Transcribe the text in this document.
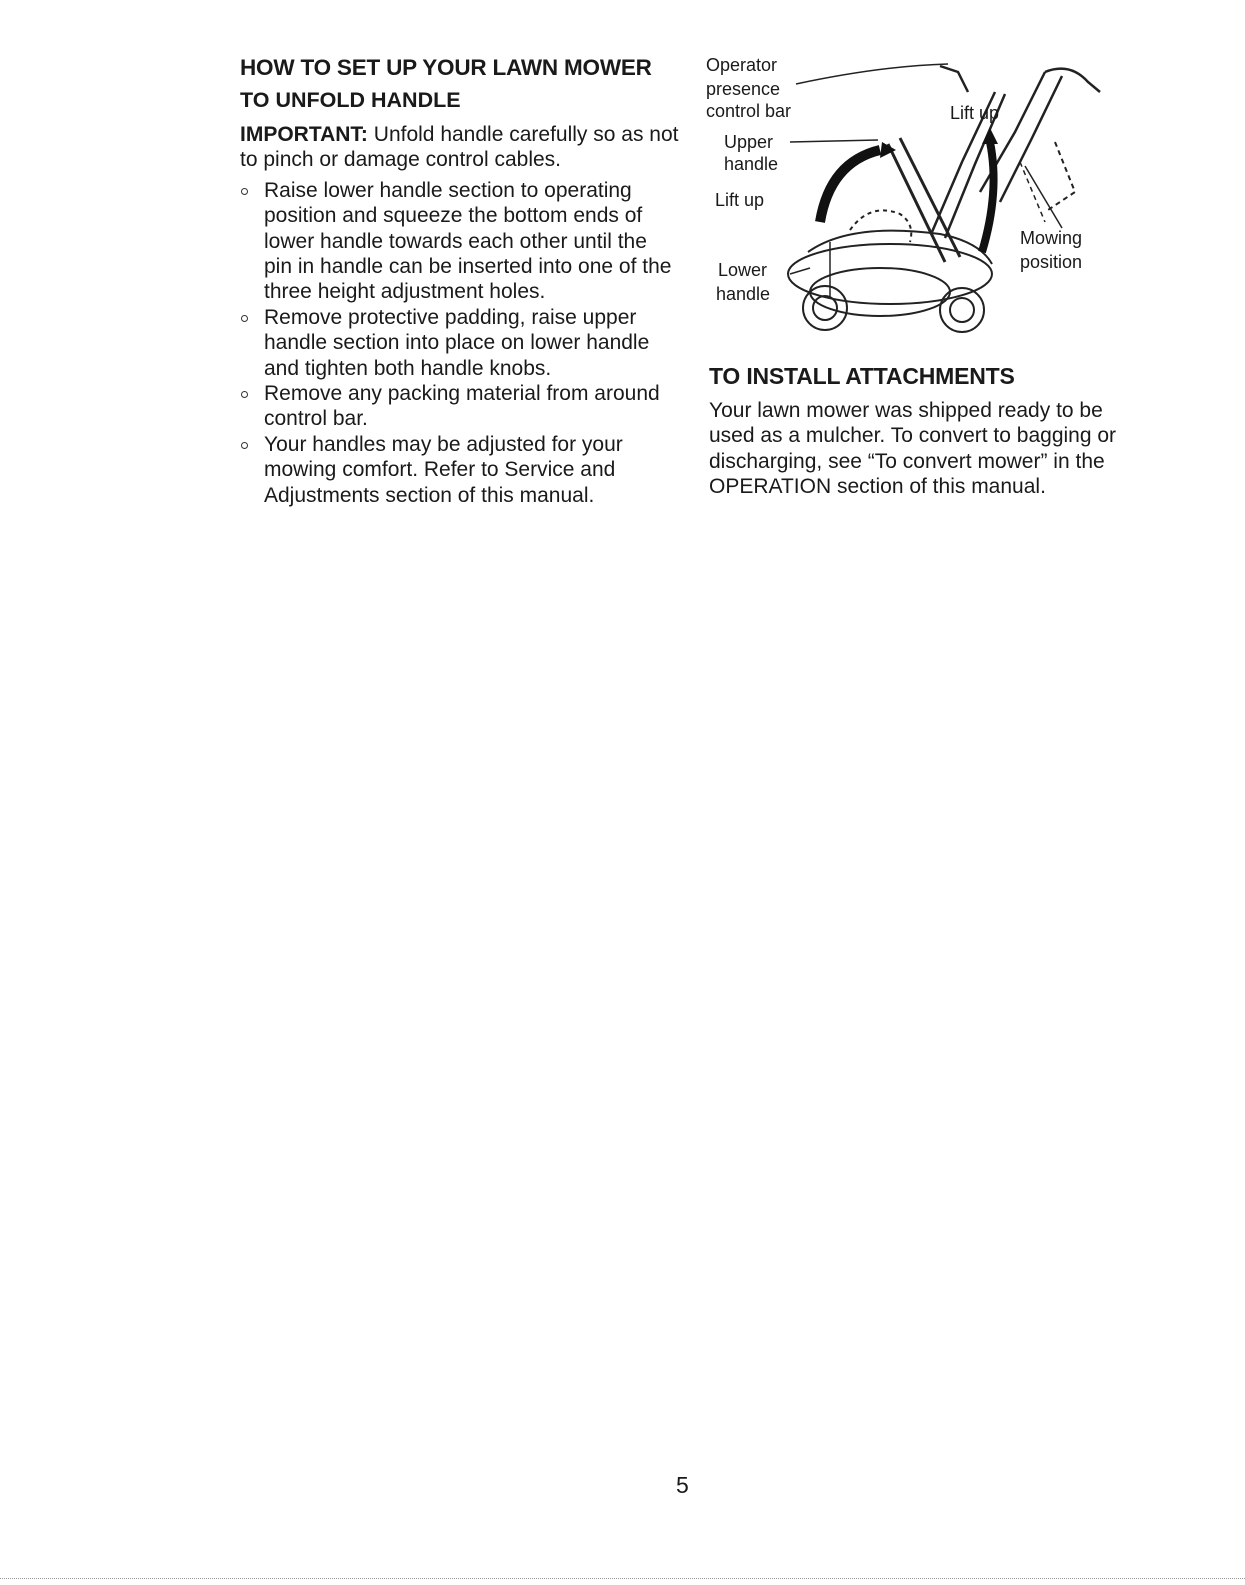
HOW TO SET UP YOUR LAWN MOWER
TO UNFOLD HANDLE

IMPORTANT: Unfold handle carefully so as not to pinch or damage control cables.

Raise lower handle section to operating position and squeeze the bottom ends of lower handle towards each other until the pin in handle can be inserted into one of the three height adjustment holes.
Remove protective padding, raise upper handle section into place on lower handle and tighten both handle knobs.
Remove any packing material from around control bar.
Your handles may be adjusted for your mowing comfort. Refer to Service and Adjustments section of this manual.
Operator
presence
control bar
Upper
handle
Lift up
Lift up
Lower
handle
Mowing
position
TO INSTALL ATTACHMENTS

Your lawn mower was shipped ready to be used as a mulcher. To convert to bagging or discharging, see “To convert mower” in the OPERATION section of this manual.

5
